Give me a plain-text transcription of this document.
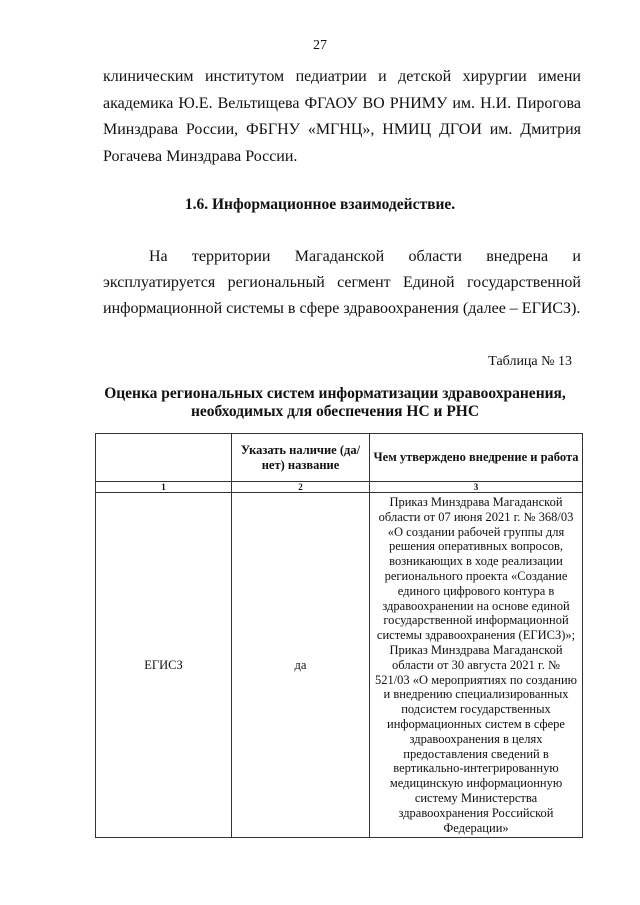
27

клиническим институтом педиатрии и детской хирургии имени академика Ю.Е. Вельтищева ФГАОУ ВО РНИМУ им. Н.И. Пирогова Минздрава России, ФБГНУ «МГНЦ», НМИЦ ДГОИ им. Дмитрия Рогачева Минздрава России.

1.6. Информационное взаимодействие.

На территории Магаданской области внедрена и эксплуатируется региональный сегмент Единой государственной информационной системы в сфере здравоохранения (далее – ЕГИСЗ).

Таблица № 13
Оценка региональных систем информатизации здравоохранения,
необходимых для обеспечения НС и РНС
	Указать наличие (да/нет) название	Чем утверждено внедрение и работа
1	2	3
ЕГИСЗ	да	Приказ Минздрава Магаданской области от 07 июня 2021 г. № 368/03 «О создании рабочей группы для решения оперативных вопросов, возникающих в ходе реализации регионального проекта «Создание единого цифрового контура в здравоохранении на основе единой государственной информационной системы здравоохранения (ЕГИСЗ)»; Приказ Минздрава Магаданской области от 30 августа 2021 г. № 521/03 «О мероприятиях по созданию и внедрению специализированных подсистем государственных информационных систем в сфере здравоохранения в целях предоставления сведений в вертикально-интегрированную медицинскую информационную систему Министерства здравоохранения Российской Федерации»
